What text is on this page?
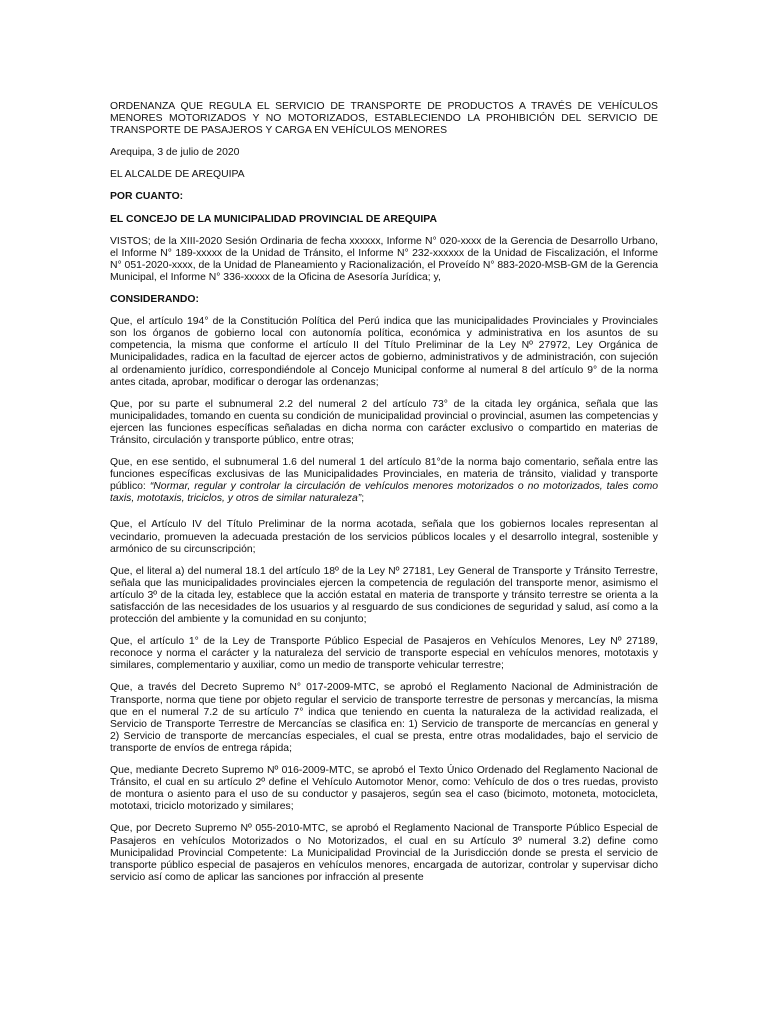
ORDENANZA QUE REGULA EL SERVICIO DE TRANSPORTE DE PRODUCTOS A TRAVÉS DE VEHÍCULOS MENORES MOTORIZADOS Y NO MOTORIZADOS, ESTABLECIENDO LA PROHIBICIÓN DEL SERVICIO DE TRANSPORTE DE PASAJEROS Y CARGA EN VEHÍCULOS MENORES
Arequipa, 3 de julio de 2020
EL ALCALDE DE AREQUIPA
POR CUANTO:
EL CONCEJO DE LA MUNICIPALIDAD PROVINCIAL DE AREQUIPA
VISTOS; de la XIII-2020 Sesión Ordinaria de fecha xxxxxx, Informe N° 020-xxxx de la Gerencia de Desarrollo Urbano, el Informe N° 189-xxxxx de la Unidad de Tránsito, el Informe N° 232-xxxxxx de la Unidad de Fiscalización, el Informe N° 051-2020-xxxx, de la Unidad de Planeamiento y Racionalización, el Proveído N° 883-2020-MSB-GM de la Gerencia Municipal, el Informe N° 336-xxxxx de la Oficina de Asesoría Jurídica; y,
CONSIDERANDO:
Que, el artículo 194° de la Constitución Política del Perú indica que las municipalidades Provinciales y Provinciales son los órganos de gobierno local con autonomía política, económica y administrativa en los asuntos de su competencia, la misma que conforme el artículo II del Título Preliminar de la Ley Nº 27972, Ley Orgánica de Municipalidades, radica en la facultad de ejercer actos de gobierno, administrativos y de administración, con sujeción al ordenamiento jurídico, correspondiéndole al Concejo Municipal conforme al numeral 8 del artículo 9° de la norma antes citada, aprobar, modificar o derogar las ordenanzas;
Que, por su parte el subnumeral 2.2 del numeral 2 del artículo 73° de la citada ley orgánica, señala que las municipalidades, tomando en cuenta su condición de municipalidad provincial o provincial, asumen las competencias y ejercen las funciones específicas señaladas en dicha norma con carácter exclusivo o compartido en materias de Tránsito, circulación y transporte público, entre otras;
Que, en ese sentido, el subnumeral 1.6 del numeral 1 del artículo 81°de la norma bajo comentario, señala entre las funciones específicas exclusivas de las Municipalidades Provinciales, en materia de tránsito, vialidad y transporte público: “Normar, regular y controlar la circulación de vehículos menores motorizados o no motorizados, tales como taxis, mototaxis, triciclos, y otros de similar naturaleza”;
Que, el Artículo IV del Título Preliminar de la norma acotada, señala que los gobiernos locales representan al vecindario, promueven la adecuada prestación de los servicios públicos locales y el desarrollo integral, sostenible y armónico de su circunscripción;
Que, el literal a) del numeral 18.1 del artículo 18º de la Ley Nº 27181, Ley General de Transporte y Tránsito Terrestre, señala que las municipalidades provinciales ejercen la competencia de regulación del transporte menor, asimismo el artículo 3º de la citada ley, establece que la acción estatal en materia de transporte y tránsito terrestre se orienta a la satisfacción de las necesidades de los usuarios y al resguardo de sus condiciones de seguridad y salud, así como a la protección del ambiente y la comunidad en su conjunto;
Que, el artículo 1° de la Ley de Transporte Público Especial de Pasajeros en Vehículos Menores, Ley Nº 27189, reconoce y norma el carácter y la naturaleza del servicio de transporte especial en vehículos menores, mototaxis y similares, complementario y auxiliar, como un medio de transporte vehicular terrestre;
Que, a través del Decreto Supremo N° 017-2009-MTC, se aprobó el Reglamento Nacional de Administración de Transporte, norma que tiene por objeto regular el servicio de transporte terrestre de personas y mercancías, la misma que en el numeral 7.2 de su artículo 7° indica que teniendo en cuenta la naturaleza de la actividad realizada, el Servicio de Transporte Terrestre de Mercancías se clasifica en: 1) Servicio de transporte de mercancías en general y 2) Servicio de transporte de mercancías especiales, el cual se presta, entre otras modalidades, bajo el servicio de transporte de envíos de entrega rápida;
Que, mediante Decreto Supremo Nº 016-2009-MTC, se aprobó el Texto Único Ordenado del Reglamento Nacional de Tránsito, el cual en su artículo 2º define el Vehículo Automotor Menor, como: Vehículo de dos o tres ruedas, provisto de montura o asiento para el uso de su conductor y pasajeros, según sea el caso (bicimoto, motoneta, motocicleta, mototaxi, triciclo motorizado y similares;
Que, por Decreto Supremo Nº 055-2010-MTC, se aprobó el Reglamento Nacional de Transporte Público Especial de Pasajeros en vehículos Motorizados o No Motorizados, el cual en su Artículo 3º numeral 3.2) define como Municipalidad Provincial Competente: La Municipalidad Provincial de la Jurisdicción donde se presta el servicio de transporte público especial de pasajeros en vehículos menores, encargada de autorizar, controlar y supervisar dicho servicio así como de aplicar las sanciones por infracción al presente
